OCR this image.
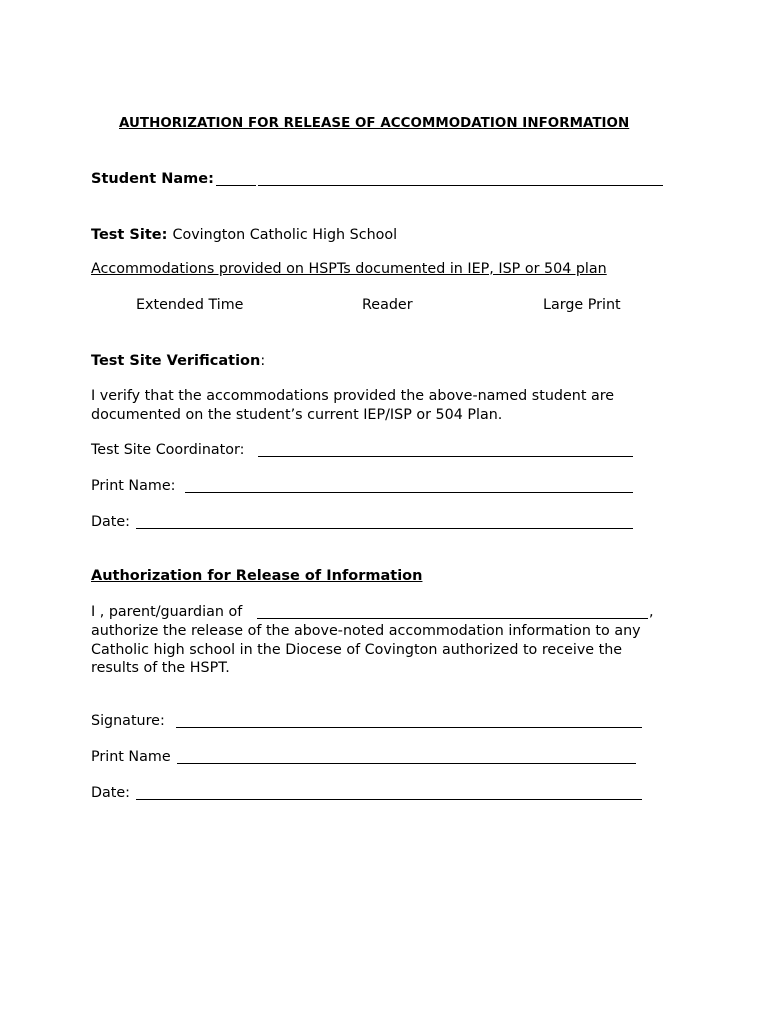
AUTHORIZATION FOR RELEASE OF ACCOMMODATION INFORMATION
Student Name:
Test Site: Covington Catholic High School
Accommodations provided on HSPTs documented in IEP, ISP or 504 plan
Extended Time	Reader	Large Print
Test Site Verification:
I verify that the accommodations provided the above-named student are
documented on the student’s current IEP/ISP or 504 Plan.
Test Site Coordinator:
Print Name:
Date:
Authorization for Release of Information
I , parent/guardian of	,
authorize the release of the above-noted accommodation information to any
Catholic high school in the Diocese of Covington authorized to receive the
results of the HSPT.
Signature:
Print Name
Date:
